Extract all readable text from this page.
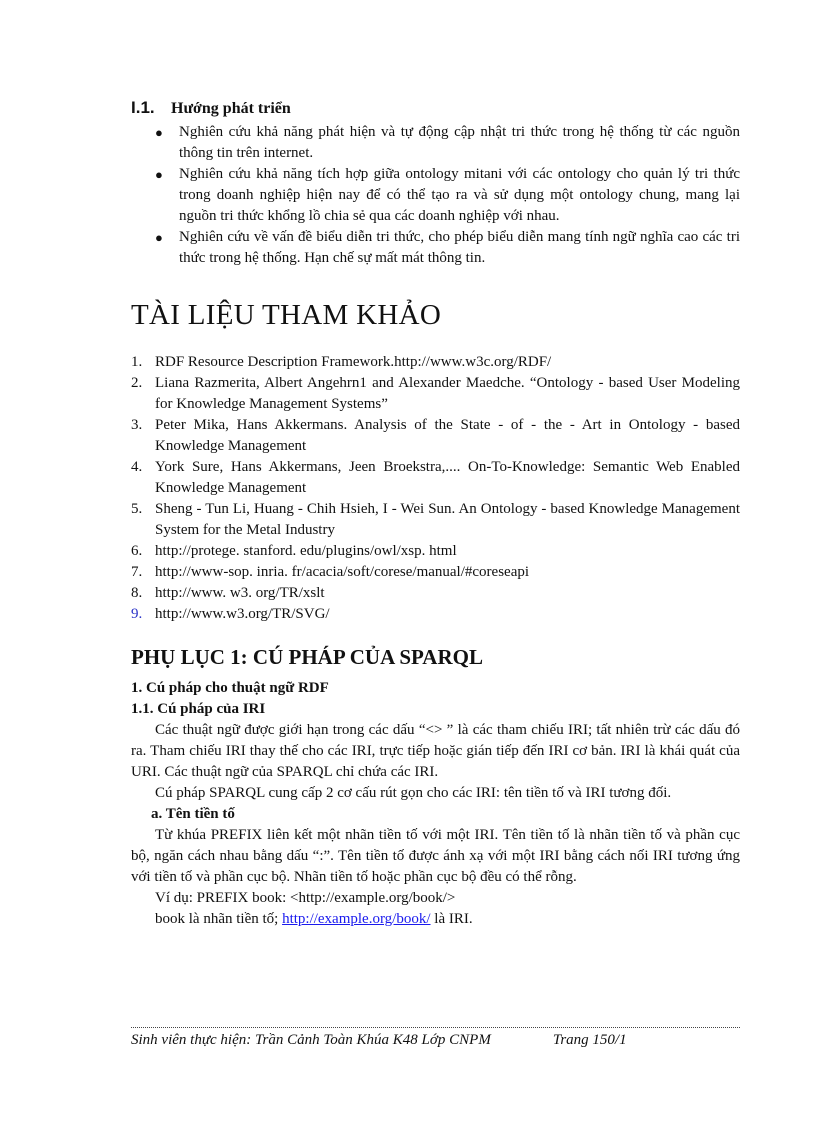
I.1.	Hướng phát triển
● Nghiên cứu khả năng phát hiện và tự động cập nhật tri thức trong hệ thống từ các nguồn thông tin trên internet.
● Nghiên cứu khả năng tích hợp giữa ontology mitani với các ontology cho quản lý tri thức trong doanh nghiệp hiện nay để có thể tạo ra và sử dụng một ontology chung, mang lại nguồn tri thức khổng lồ chia sẻ qua các doanh nghiệp với nhau.
● Nghiên cứu về vấn đề biểu diễn tri thức, cho phép biểu diễn mang tính ngữ nghĩa cao các tri thức trong hệ thống. Hạn chế sự mất mát thông tin.
TÀI LIỆU THAM KHẢO
1. RDF Resource Description Framework.http://www.w3c.org/RDF/
2. Liana Razmerita, Albert Angehrn1 and Alexander Maedche. “Ontology - based User Modeling for Knowledge Management Systems”
3. Peter Mika, Hans Akkermans. Analysis of the State - of - the - Art in Ontology - based Knowledge Management
4. York Sure, Hans Akkermans, Jeen Broekstra,.... On-To-Knowledge: Semantic Web Enabled Knowledge Management
5. Sheng - Tun Li, Huang - Chih Hsieh, I - Wei Sun. An Ontology - based Knowledge Management System for the Metal Industry
6. http://protege. stanford. edu/plugins/owl/xsp. html
7. http://www-sop. inria. fr/acacia/soft/corese/manual/#coreseapi
8. http://www. w3. org/TR/xslt
9. http://www.w3.org/TR/SVG/
PHỤ LỤC 1: CÚ PHÁP CỦA SPARQL
1. Cú pháp cho thuật ngữ RDF
1.1. Cú pháp của IRI

Các thuật ngữ được giới hạn trong các dấu “<> ” là các tham chiếu IRI; tất nhiên trừ các dấu đó ra. Tham chiếu IRI thay thế cho các IRI, trực tiếp hoặc gián tiếp đến IRI cơ bản. IRI là khái quát của URI. Các thuật ngữ của SPARQL chỉ chứa các IRI.

Cú pháp SPARQL cung cấp 2 cơ cấu rút gọn cho các IRI: tên tiền tố và IRI tương đối.

a. Tên tiền tố

Từ khúa PREFIX liên kết một nhãn tiền tố với một IRI. Tên tiền tố là nhãn tiền tố và phần cục bộ, ngăn cách nhau bằng dấu “:”. Tên tiền tố được ánh xạ với một IRI bằng cách nối IRI tương ứng với tiền tố và phần cục bộ. Nhãn tiền tố hoặc phần cục bộ đều có thể rỗng.

Ví dụ: PREFIX book: <http://example.org/book/>

book là nhãn tiền tố; http://example.org/book/ là IRI.

Sinh viên thực hiện: Trần Cảnh Toàn Khúa K48 Lớp CNPM	Trang 150/1
